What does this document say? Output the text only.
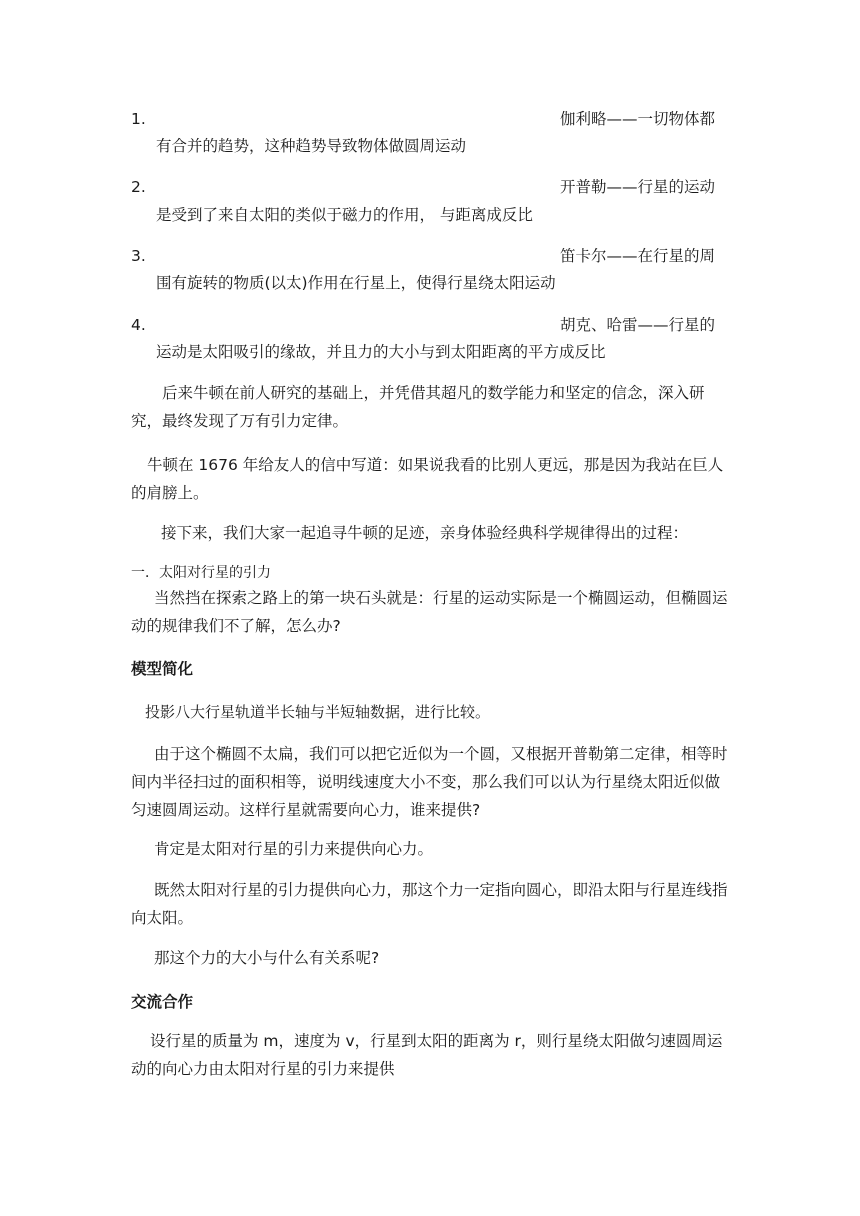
1.	伽利略——一切物体都
有合并的趋势，这种趋势导致物体做圆周运动
2.	开普勒——行星的运动
是受到了来自太阳的类似于磁力的作用， 与距离成反比
3.	笛卡尔——在行星的周
围有旋转的物质(以太)作用在行星上，使得行星绕太阳运动
4.	胡克、哈雷——行星的
运动是太阳吸引的缘故，并且力的大小与到太阳距离的平方成反比
后来牛顿在前人研究的基础上，并凭借其超凡的数学能力和坚定的信念，深入研究，最终发现了万有引力定律。
牛顿在 1676 年给友人的信中写道：如果说我看的比别人更远，那是因为我站在巨人的肩膀上。
接下来，我们大家一起追寻牛顿的足迹，亲身体验经典科学规律得出的过程：
一．太阳对行星的引力
当然挡在探索之路上的第一块石头就是：行星的运动实际是一个椭圆运动，但椭圆运动的规律我们不了解，怎么办?
模型简化
投影八大行星轨道半长轴与半短轴数据，进行比较。
由于这个椭圆不太扁，我们可以把它近似为一个圆，又根据开普勒第二定律，相等时间内半径扫过的面积相等，说明线速度大小不变，那么我们可以认为行星绕太阳近似做匀速圆周运动。这样行星就需要向心力，谁来提供?
肯定是太阳对行星的引力来提供向心力。
既然太阳对行星的引力提供向心力，那这个力一定指向圆心，即沿太阳与行星连线指向太阳。
那这个力的大小与什么有关系呢?
交流合作
设行星的质量为 m，速度为 v，行星到太阳的距离为 r，则行星绕太阳做匀速圆周运动的向心力由太阳对行星的引力来提供
